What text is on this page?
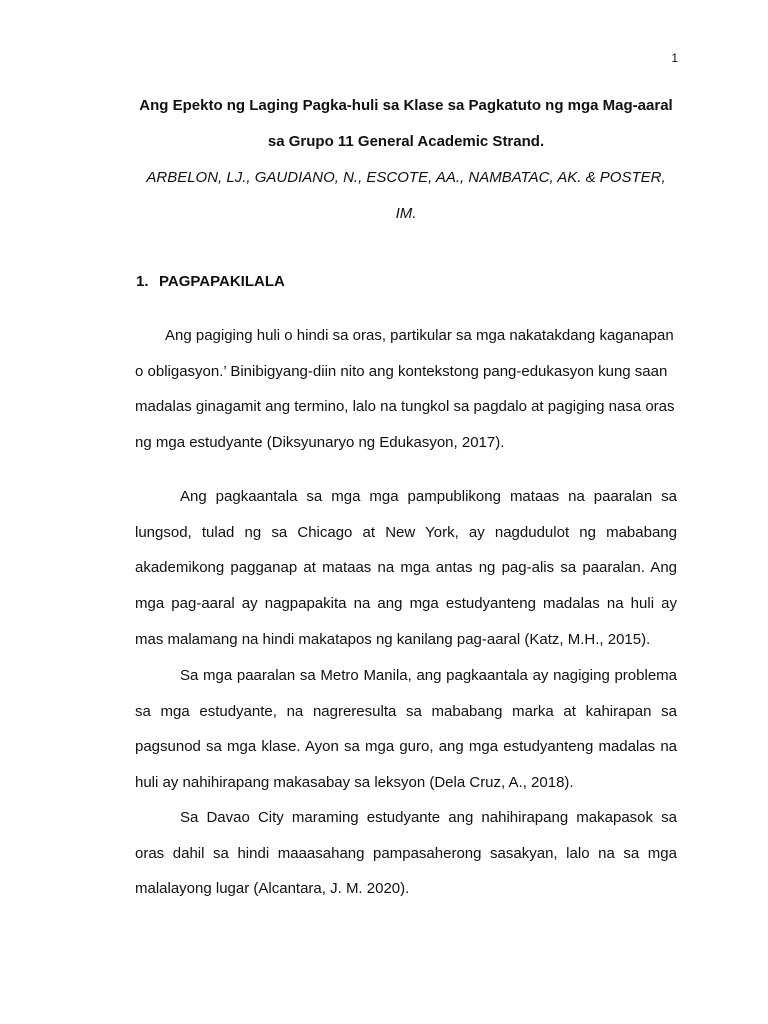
1

Ang Epekto ng Laging Pagka-huli sa Klase sa Pagkatuto ng mga Mag-aaral

sa Grupo 11 General Academic Strand.

ARBELON, LJ., GAUDIANO, N., ESCOTE, AA., NAMBATAC, AK. & POSTER, IM.

1. PAGPAPAKILALA

Ang pagiging huli o hindi sa oras, partikular sa mga nakatakdang kaganapan o obligasyon.’ Binibigyang-diin nito ang kontekstong pang-edukasyon kung saan madalas ginagamit ang termino, lalo na tungkol sa pagdalo at pagiging nasa oras ng mga estudyante (Diksyunaryo ng Edukasyon, 2017).

Ang pagkaantala sa mga mga pampublikong mataas na paaralan sa lungsod, tulad ng sa Chicago at New York, ay nagdudulot ng mababang akademikong pagganap at mataas na mga antas ng pag-alis sa paaralan. Ang mga pag-aaral ay nagpapakita na ang mga estudyanteng madalas na huli ay mas malamang na hindi makatapos ng kanilang pag-aaral (Katz, M.H., 2015).

Sa mga paaralan sa Metro Manila, ang pagkaantala ay nagiging problema sa mga estudyante, na nagreresulta sa mababang marka at kahirapan sa pagsunod sa mga klase. Ayon sa mga guro, ang mga estudyanteng madalas na huli ay nahihirapang makasabay sa leksyon (Dela Cruz, A., 2018).

Sa Davao City maraming estudyante ang nahihirapang makapasok sa oras dahil sa hindi maaasahang pampasaherong sasakyan, lalo na sa mga malalayong lugar (Alcantara, J. M. 2020).
